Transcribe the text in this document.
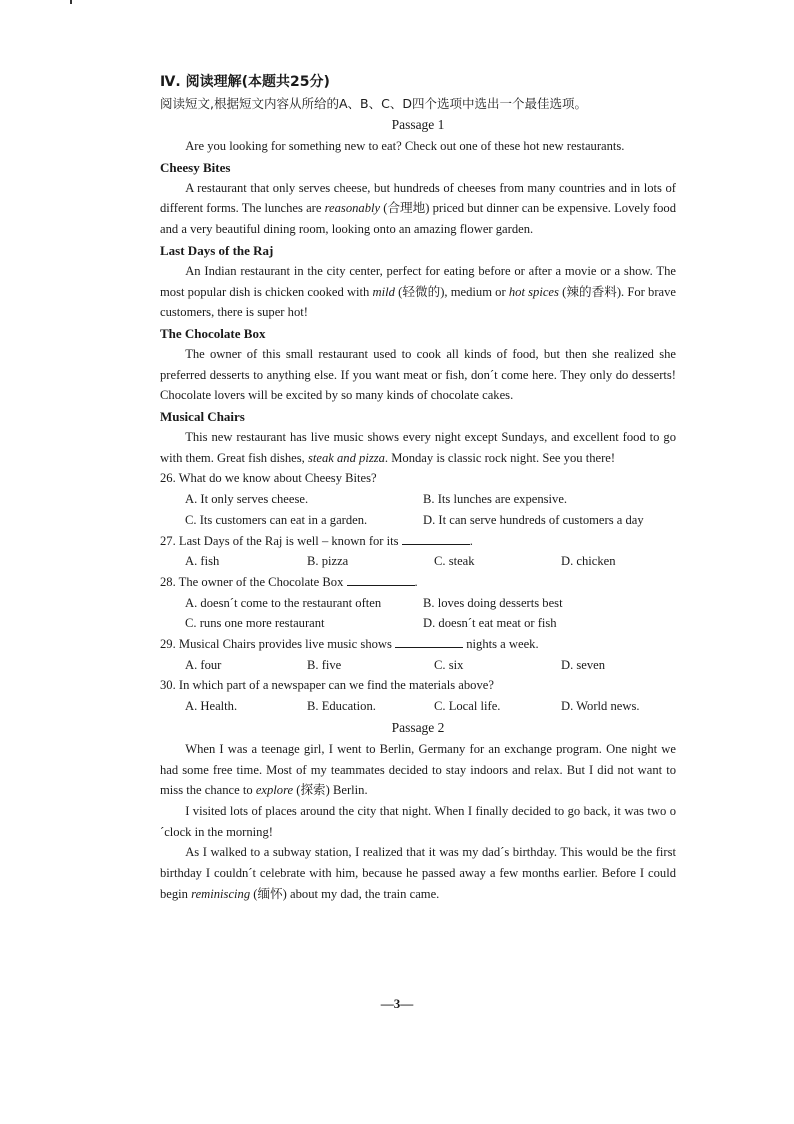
Ⅳ. 阅读理解(本题共25分)

阅读短文,根据短文内容从所给的A、B、C、D四个选项中选出一个最佳选项。

Passage 1

Are you looking for something new to eat? Check out one of these hot new restaurants.

Cheesy Bites

A restaurant that only serves cheese, but hundreds of cheeses from many countries and in lots of different forms. The lunches are reasonably (合理地) priced but dinner can be expensive. Lovely food and a very beautiful dining room, looking onto an amazing flower garden.

Last Days of the Raj

An Indian restaurant in the city center, perfect for eating before or after a movie or a show. The most popular dish is chicken cooked with mild (轻微的), medium or hot spices (辣的香料). For brave customers, there is super hot!

The Chocolate Box

The owner of this small restaurant used to cook all kinds of food, but then she realized she preferred desserts to anything else. If you want meat or fish, don´t come here. They only do desserts! Chocolate lovers will be excited by so many kinds of chocolate cakes.

Musical Chairs

This new restaurant has live music shows every night except Sundays, and excellent food to go with them. Great fish dishes, steak and pizza. Monday is classic rock night. See you there!

26. What do we know about Cheesy Bites?

A. It only serves cheese.	B. Its lunches are expensive.
C. Its customers can eat in a garden.	D. It can serve hundreds of customers a day

27. Last Days of the Raj is well – known for its	.

A. fish	B. pizza	C. steak	D. chicken

28. The owner of the Chocolate Box	.

A. doesn´t come to the restaurant often	B. loves doing desserts best
C. runs one more restaurant	D. doesn´t eat meat or fish

29. Musical Chairs provides live music shows	nights a week.

A. four	B. five	C. six	D. seven

30. In which part of a newspaper can we find the materials above?

A. Health.	B. Education.	C. Local life.	D. World news.

Passage 2

When I was a teenage girl, I went to Berlin, Germany for an exchange program. One night we had some free time. Most of my teammates decided to stay indoors and relax. But I did not want to miss the chance to explore (探索) Berlin.

I visited lots of places around the city that night. When I finally decided to go back, it was two o´clock in the morning!

As I walked to a subway station, I realized that it was my dad´s birthday. This would be the first birthday I couldn´t celebrate with him, because he passed away a few months earlier. Before I could begin reminiscing (缅怀) about my dad, the train came.

—3—
